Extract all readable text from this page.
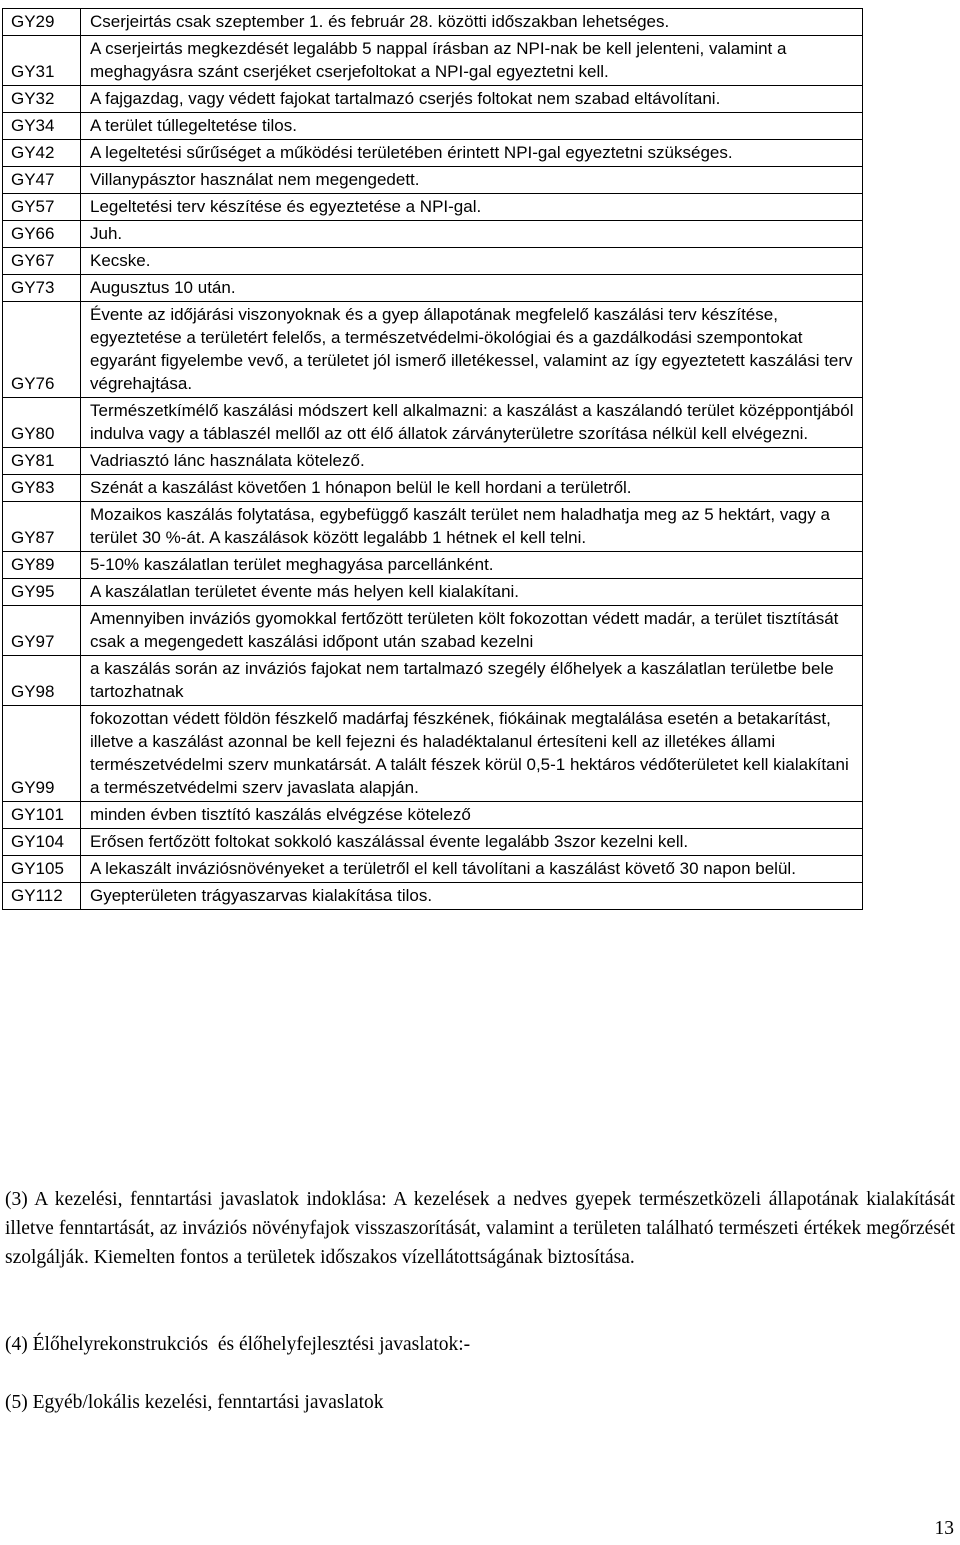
GY29	Cserjeirtás csak szeptember 1. és február 28. közötti időszakban lehetséges.
GY31	A cserjeirtás megkezdését legalább 5 nappal írásban az NPI-nak be kell jelenteni, valamint a meghagyásra szánt cserjéket cserjefoltokat a NPI-gal egyeztetni kell.
GY32	A fajgazdag, vagy védett fajokat tartalmazó cserjés foltokat nem szabad eltávolítani.
GY34	A terület túllegeltetése tilos.
GY42	A legeltetési sűrűséget a működési területében érintett NPI-gal egyeztetni szükséges.
GY47	Villanypásztor használat nem megengedett.
GY57	Legeltetési terv készítése és egyeztetése a NPI-gal.
GY66	Juh.
GY67	Kecske.
GY73	Augusztus 10 után.
GY76	Évente az időjárási viszonyoknak és a gyep állapotának megfelelő kaszálási terv készítése, egyeztetése a területért felelős, a természetvédelmi-ökológiai és a gazdálkodási szempontokat egyaránt figyelembe vevő, a területet jól ismerő illetékessel, valamint az így egyeztetett kaszálási terv végrehajtása.
GY80	Természetkímélő kaszálási módszert kell alkalmazni: a kaszálást a kaszálandó terület középpontjából indulva vagy a táblaszél mellől az ott élő állatok zárványterületre szorítása nélkül kell elvégezni.
GY81	Vadriasztó lánc használata kötelező.
GY83	Szénát a kaszálást követően 1 hónapon belül le kell hordani a területről.
GY87	Mozaikos kaszálás folytatása, egybefüggő kaszált terület nem haladhatja meg az 5 hektárt, vagy a terület 30 %-át. A kaszálások között legalább 1 hétnek el kell telni.
GY89	5-10% kaszálatlan terület meghagyása parcellánként.
GY95	A kaszálatlan területet évente más helyen kell kialakítani.
GY97	Amennyiben inváziós gyomokkal fertőzött területen költ fokozottan védett madár, a terület tisztítását csak a megengedett kaszálási időpont után szabad kezelni
GY98	a kaszálás során az inváziós fajokat nem tartalmazó szegély élőhelyek a kaszálatlan területbe bele tartozhatnak
GY99	fokozottan védett földön fészkelő madárfaj fészkének, fiókáinak megtalálása esetén a betakarítást, illetve a kaszálást azonnal be kell fejezni és haladéktalanul értesíteni kell az illetékes állami természetvédelmi szerv munkatársát. A talált fészek körül 0,5-1 hektáros védőterületet kell kialakítani a természetvédelmi szerv javaslata alapján.
GY101	minden évben tisztító kaszálás elvégzése kötelező
GY104	Erősen fertőzött foltokat sokkoló kaszálással évente legalább 3szor kezelni kell.
GY105	A lekaszált inváziósnövényeket a területről el kell távolítani a kaszálást követő 30 napon belül.
GY112	Gyepterületen trágyaszarvas kialakítása tilos.

(3) A kezelési, fenntartási javaslatok indoklása: A kezelések a nedves gyepek természetközeli állapotának kialakítását illetve fenntartását, az inváziós növényfajok visszaszorítását, valamint a területen található természeti értékek megőrzését szolgálják. Kiemelten fontos a területek időszakos vízellátottságának biztosítása.

(4) Élőhelyrekonstrukciós  és élőhelyfejlesztési javaslatok:-

(5) Egyéb/lokális kezelési, fenntartási javaslatok

13
